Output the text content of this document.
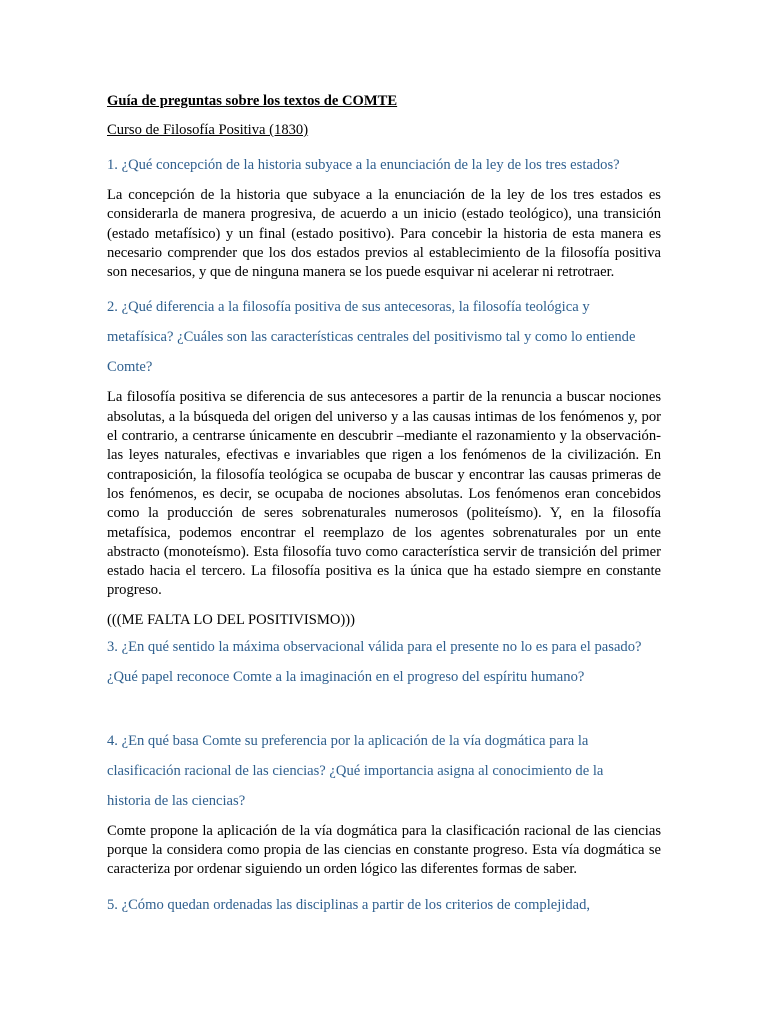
Guía de preguntas sobre los textos de COMTE
Curso de Filosofía Positiva (1830)
1. ¿Qué concepción de la historia subyace a la enunciación de la ley de los tres estados?

La concepción de la historia que subyace a la enunciación de la ley de los tres estados es considerarla de manera progresiva, de acuerdo a un inicio (estado teológico), una transición (estado metafísico) y un final (estado positivo). Para concebir la historia de esta manera es necesario comprender que los dos estados previos al establecimiento de la filosofía positiva son necesarios, y que de ninguna manera se los puede esquivar ni acelerar ni retrotraer.

2. ¿Qué diferencia a la filosofía positiva de sus antecesoras, la filosofía teológica y
metafísica? ¿Cuáles son las características centrales del positivismo tal y como lo entiende
Comte?

La filosofía positiva se diferencia de sus antecesores a partir de la renuncia a buscar nociones absolutas, a la búsqueda del origen del universo y a las causas intimas de los fenómenos y, por el contrario, a centrarse únicamente en descubrir –mediante el razonamiento y la observación- las leyes naturales, efectivas e invariables que rigen a los fenómenos de la civilización. En contraposición, la filosofía teológica se ocupaba de buscar y encontrar las causas primeras de los fenómenos, es decir, se ocupaba de nociones absolutas. Los fenómenos eran concebidos como la producción de seres sobrenaturales numerosos (politeísmo). Y, en la filosofía metafísica, podemos encontrar el reemplazo de los agentes sobrenaturales por un ente abstracto (monoteísmo). Esta filosofía tuvo como característica servir de transición del primer estado hacia el tercero. La filosofía positiva es la única que ha estado siempre en constante progreso.

(((ME FALTA LO DEL POSITIVISMO)))
3. ¿En qué sentido la máxima observacional válida para el presente no lo es para el pasado?
¿Qué papel reconoce Comte a la imaginación en el progreso del espíritu humano?
4. ¿En qué basa Comte su preferencia por la aplicación de la vía dogmática para la
clasificación racional de las ciencias? ¿Qué importancia asigna al conocimiento de la
historia de las ciencias?

Comte propone la aplicación de la vía dogmática para la clasificación racional de las ciencias porque la considera como propia de las ciencias en constante progreso. Esta vía dogmática se caracteriza por ordenar siguiendo un orden lógico las diferentes formas de saber.

5. ¿Cómo quedan ordenadas las disciplinas a partir de los criterios de complejidad,
